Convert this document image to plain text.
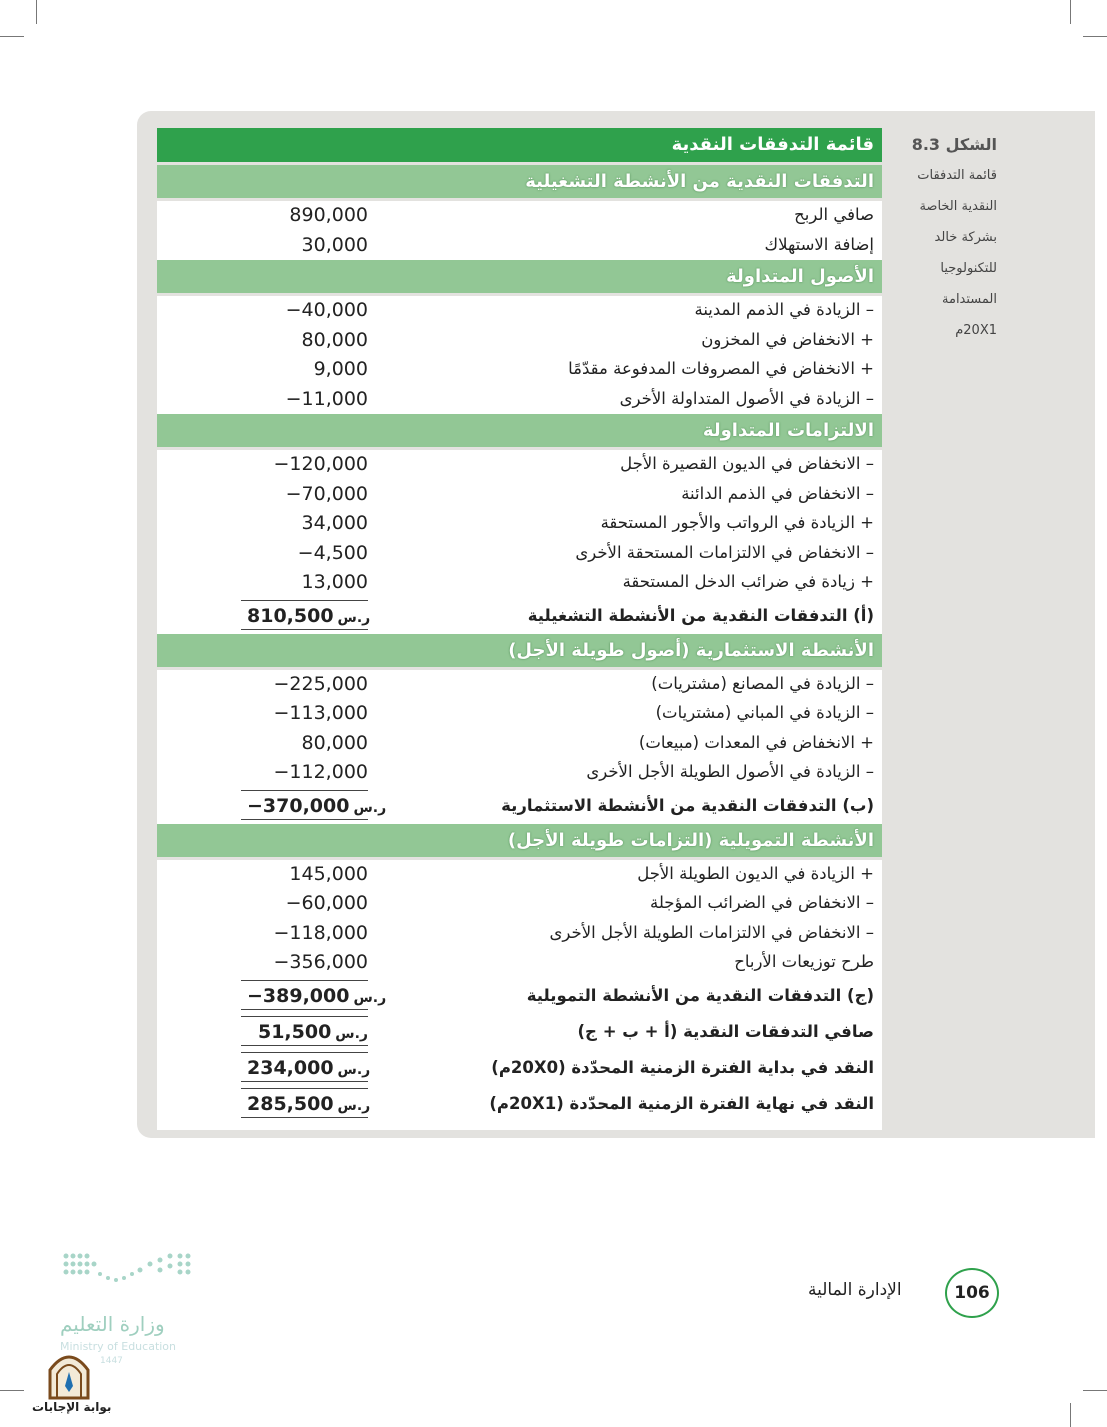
الشكل 8.3
قائمة التدفقات
النقدية الخاصة
بشركة خالد
للتكنولوجيا
المستدامة
20X1م
قائمة التدفقات النقدية
التدفقات النقدية من الأنشطة التشغيلية
صافي الربح
890,000
إضافة الاستهلاك
30,000
الأصول المتداولة
– الزيادة في الذمم المدينة
−40,000
+ الانخفاض في المخزون
80,000
+ الانخفاض في المصروفات المدفوعة مقدّمًا
9,000
– الزيادة في الأصول المتداولة الأخرى
−11,000
الالتزامات المتداولة
– الانخفاض في الديون القصيرة الأجل
−120,000
– الانخفاض في الذمم الدائنة
−70,000
+ الزيادة في الرواتب والأجور المستحقة
34,000
– الانخفاض في الالتزامات المستحقة الأخرى
−4,500
+ زيادة في ضرائب الدخل المستحقة
13,000
(أ) التدفقات النقدية من الأنشطة التشغيلية
810,500 ر.س
الأنشطة الاستثمارية (أصول طويلة الأجل)
– الزيادة في المصانع (مشتريات)
−225,000
– الزيادة في المباني (مشتريات)
−113,000
+ الانخفاض في المعدات (مبيعات)
80,000
– الزيادة في الأصول الطويلة الأجل الأخرى
−112,000
(ب) التدفقات النقدية من الأنشطة الاستثمارية
−370,000 ر.س
الأنشطة التمويلية (التزامات طويلة الأجل)
+ الزيادة في الديون الطويلة الأجل
145,000
– الانخفاض في الضرائب المؤجلة
−60,000
– الانخفاض في الالتزامات الطويلة الأجل الأخرى
−118,000
طرح توزيعات الأرباح
−356,000
(ج) التدفقات النقدية من الأنشطة التمويلية
−389,000 ر.س
صافي التدفقات النقدية (أ + ب + ج)
51,500 ر.س
النقد في بداية الفترة الزمنية المحدّدة (20X0م)
234,000 ر.س
النقد في نهاية الفترة الزمنية المحدّدة (20X1م)
285,500 ر.س
106
الإدارة المالية
وزارة التعليم
Ministry of Education
1447
بوابة الإجابات
